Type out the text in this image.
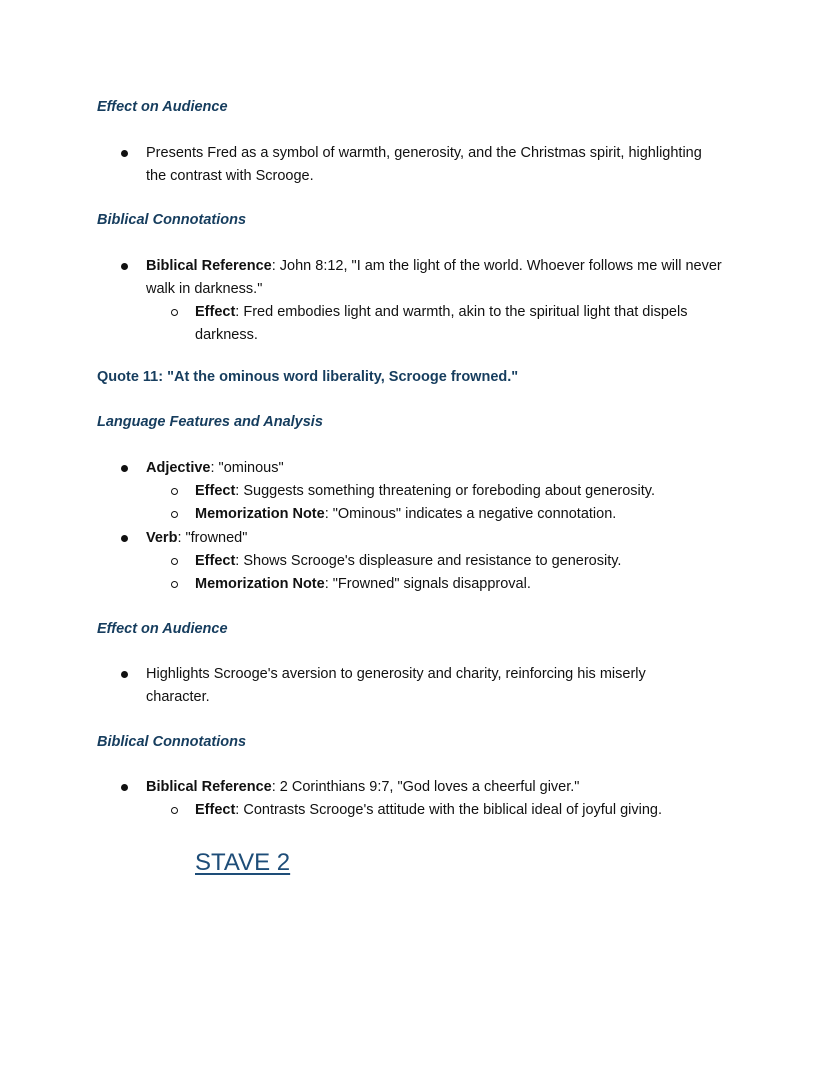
Effect on Audience
Presents Fred as a symbol of warmth, generosity, and the Christmas spirit, highlighting the contrast with Scrooge.
Biblical Connotations
Biblical Reference: John 8:12, "I am the light of the world. Whoever follows me will never walk in darkness."
Effect: Fred embodies light and warmth, akin to the spiritual light that dispels darkness.
Quote 11: "At the ominous word liberality, Scrooge frowned."
Language Features and Analysis
Adjective: "ominous"
Effect: Suggests something threatening or foreboding about generosity.
Memorization Note: "Ominous" indicates a negative connotation.
Verb: "frowned"
Effect: Shows Scrooge's displeasure and resistance to generosity.
Memorization Note: "Frowned" signals disapproval.
Effect on Audience
Highlights Scrooge's aversion to generosity and charity, reinforcing his miserly character.
Biblical Connotations
Biblical Reference: 2 Corinthians 9:7, "God loves a cheerful giver."
Effect: Contrasts Scrooge's attitude with the biblical ideal of joyful giving.
STAVE 2
